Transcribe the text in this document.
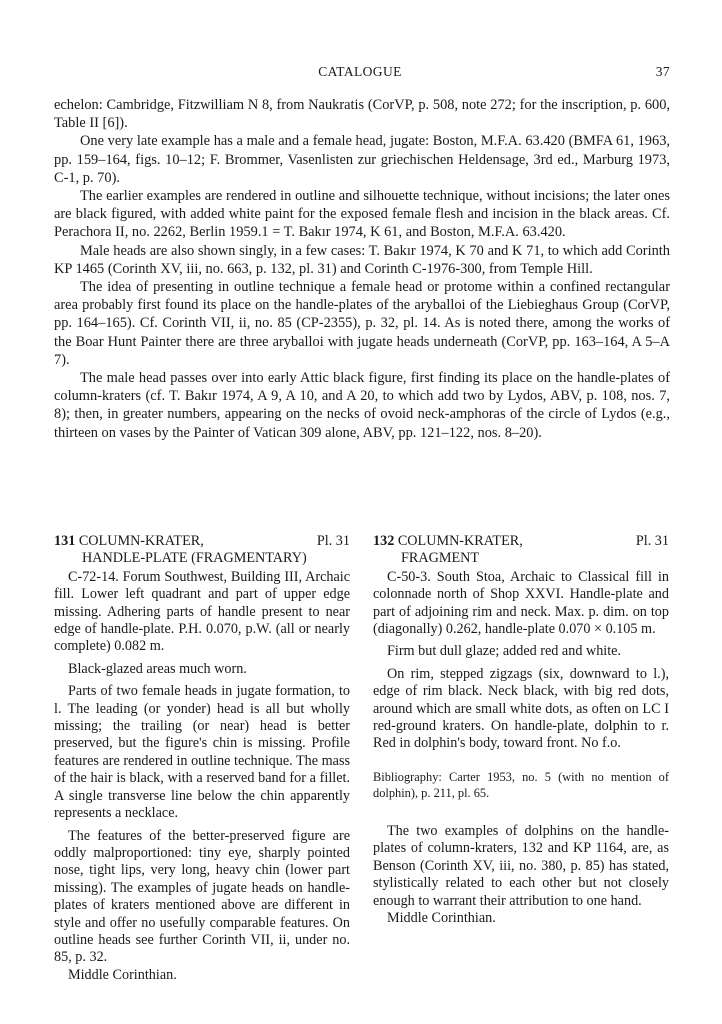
CATALOGUE	37

echelon: Cambridge, Fitzwilliam N 8, from Naukratis (CorVP, p. 508, note 272; for the inscription, p. 600, Table II [6]).

One very late example has a male and a female head, jugate: Boston, M.F.A. 63.420 (BMFA 61, 1963, pp. 159–164, figs. 10–12; F. Brommer, Vasenlisten zur griechischen Heldensage, 3rd ed., Marburg 1973, C-1, p. 70).

The earlier examples are rendered in outline and silhouette technique, without incisions; the later ones are black figured, with added white paint for the exposed female flesh and incision in the black areas. Cf. Perachora II, no. 2262, Berlin 1959.1 = T. Bakır 1974, K 61, and Boston, M.F.A. 63.420.

Male heads are also shown singly, in a few cases: T. Bakır 1974, K 70 and K 71, to which add Corinth KP 1465 (Corinth XV, iii, no. 663, p. 132, pl. 31) and Corinth C-1976-300, from Temple Hill.

The idea of presenting in outline technique a female head or protome within a confined rectangular area probably first found its place on the handle-plates of the aryballoi of the Liebieghaus Group (CorVP, pp. 164–165). Cf. Corinth VII, ii, no. 85 (CP-2355), p. 32, pl. 14. As is noted there, among the works of the Boar Hunt Painter there are three aryballoi with jugate heads underneath (CorVP, pp. 163–164, A 5–A 7).

The male head passes over into early Attic black figure, first finding its place on the handle-plates of column-kraters (cf. T. Bakır 1974, A 9, A 10, and A 20, to which add two by Lydos, ABV, p. 108, nos. 7, 8); then, in greater numbers, appearing on the necks of ovoid neck-amphoras of the circle of Lydos (e.g., thirteen on vases by the Painter of Vatican 309 alone, ABV, pp. 121–122, nos. 8–20).

131 COLUMN-KRATER,	Pl. 31
HANDLE-PLATE (FRAGMENTARY)

C-72-14. Forum Southwest, Building III, Archaic fill. Lower left quadrant and part of upper edge missing. Adhering parts of handle present to near edge of handle-plate. P.H. 0.070, p.W. (all or nearly complete) 0.082 m.

Black-glazed areas much worn.

Parts of two female heads in jugate formation, to l. The leading (or yonder) head is all but wholly missing; the trailing (or near) head is better preserved, but the figure's chin is missing. Profile features are rendered in outline technique. The mass of the hair is black, with a reserved band for a fillet. A single transverse line below the chin apparently represents a necklace.

The features of the better-preserved figure are oddly malproportioned: tiny eye, sharply pointed nose, tight lips, very long, heavy chin (lower part missing). The examples of jugate heads on handle-plates of kraters mentioned above are different in style and offer no usefully comparable features. On outline heads see further Corinth VII, ii, under no. 85, p. 32.

Middle Corinthian.

132 COLUMN-KRATER,	Pl. 31
FRAGMENT

C-50-3. South Stoa, Archaic to Classical fill in colonnade north of Shop XXVI. Handle-plate and part of adjoining rim and neck. Max. p. dim. on top (diagonally) 0.262, handle-plate 0.070 × 0.105 m.

Firm but dull glaze; added red and white.

On rim, stepped zigzags (six, downward to l.), edge of rim black. Neck black, with big red dots, around which are small white dots, as often on LC I red-ground kraters. On handle-plate, dolphin to r. Red in dolphin's body, toward front. No f.o.

Bibliography: Carter 1953, no. 5 (with no mention of dolphin), p. 211, pl. 65.

The two examples of dolphins on the handle-plates of column-kraters, 132 and KP 1164, are, as Benson (Corinth XV, iii, no. 380, p. 85) has stated, stylistically related to each other but not closely enough to warrant their attribution to one hand.

Middle Corinthian.
